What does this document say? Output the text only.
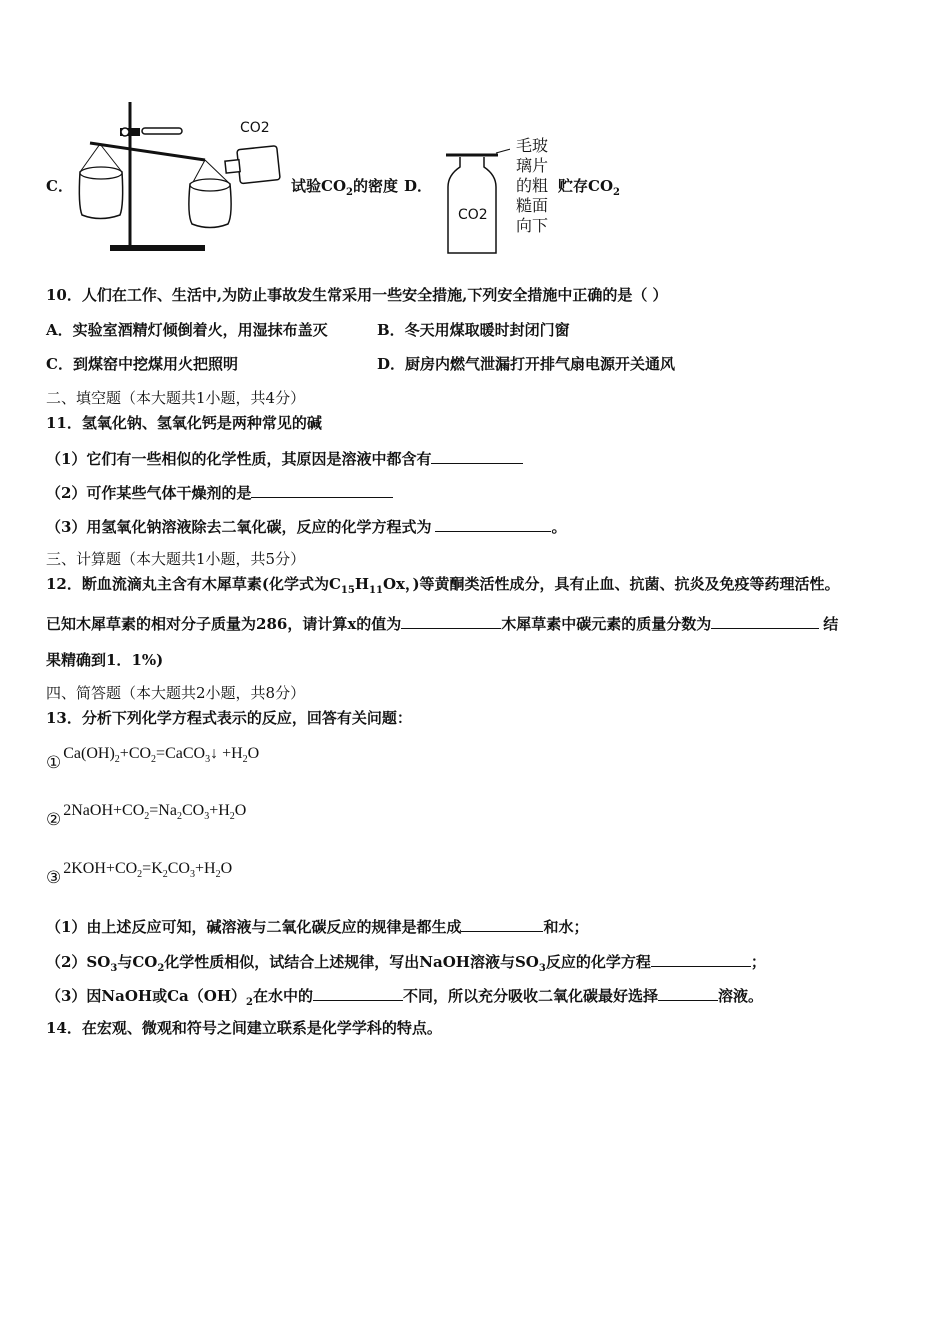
CO2
C．	试验$CO_2$的密度 D．
CO2
毛玻
璃片
的粗
糙面
向下
贮存$CO_2$
10．人们在工作、生活中,为防止事故发生常采用一些安全措施,下列安全措施中正确的是（ ）
A．实验室酒精灯倾倒着火，用湿抹布盖灭	B．冬天用煤取暖时封闭门窗
C．到煤窑中挖煤用火把照明	D．厨房内燃气泄漏打开排气扇电源开关通风
二、填空题（本大题共1小题，共4分）
11．氢氧化钠、氢氧化钙是两种常见的碱
（1）它们有一些相似的化学性质，其原因是溶液中都含有
（2）可作某些气体干燥剂的是
（3）用氢氧化钠溶液除去二氧化碳，反应的化学方程式为	。
三、计算题（本大题共1小题，共5分）
12．断血流滴丸主含有木犀草素(化学式为$C_{15}H_{11}Ox$，)等黄酮类活性成分，具有止血、抗菌、抗炎及免疫等药理活性。
已知木犀草素的相对分子质量为286，请计算x的值为	木犀草素中碳元素的质量分数为	结
果精确到1．1%)
四、简答题（本大题共2小题，共8分）
13．分析下列化学方程式表示的反应，回答有关问题：
① $Ca(OH)_2+CO_2=CaCO_3↓ +H_2O$
② $2NaOH+CO_2=Na_2CO_3+H_2O$
③ $2KOH+CO_2=K_2CO_3+H_2O$
（1）由上述反应可知，碱溶液与二氧化碳反应的规律是都生成	和水；
$(2)SO_3$与$CO_2$化学性质相似，试结合上述规律，写出NaOH溶液与$SO_3$反应的化学方程	；
（3）因NaOH或$Ca(OH)_2$在水中的	不同，所以充分吸收二氧化碳最好选择	溶液。
14．在宏观、微观和符号之间建立联系是化学学科的特点。
